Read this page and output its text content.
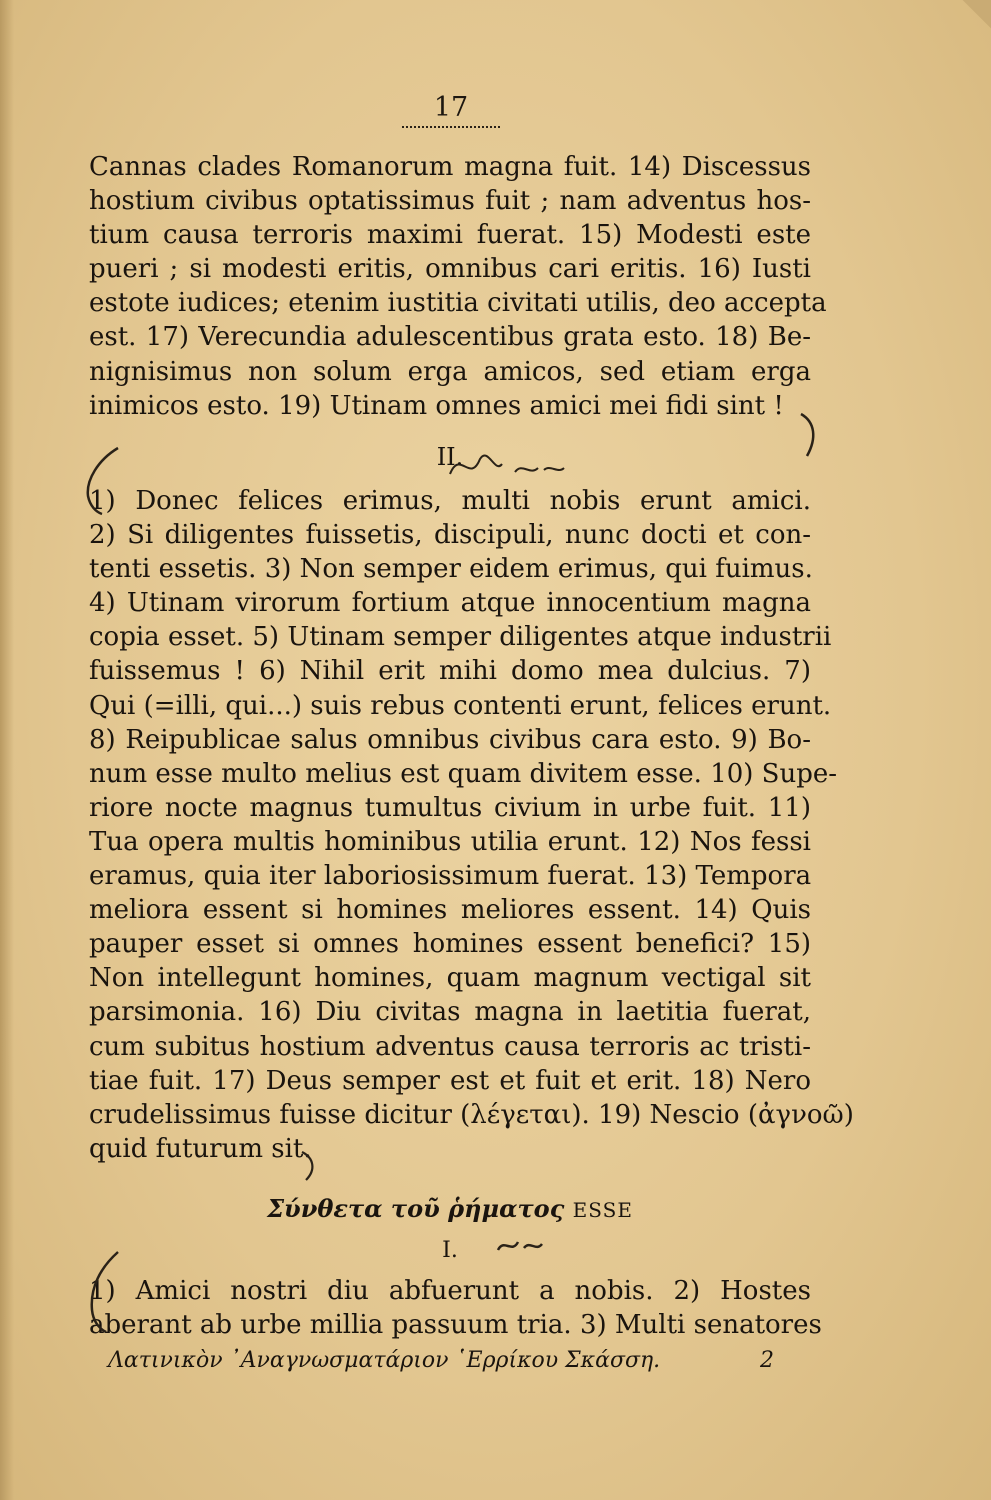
17
Cannas clades Romanorum magna fuit. 14) Discessus
hostium civibus optatissimus fuit ; nam adventus hos-
tium causa terroris maximi fuerat. 15) Modesti este
pueri ; si modesti eritis, omnibus cari eritis. 16) Iusti
estote iudices; etenim iustitia civitati utilis, deo accepta
est. 17) Verecundia adulescentibus grata esto. 18) Be-
nignisimus non solum erga amicos, sed etiam erga
inimicos esto. 19) Utinam omnes amici mei fidi sint !
II.
1) Donec felices erimus, multi nobis erunt amici.
2) Si diligentes fuissetis, discipuli, nunc docti et con-
tenti essetis. 3) Non semper eidem erimus, qui fuimus.
4) Utinam virorum fortium atque innocentium magna
copia esset. 5) Utinam semper diligentes atque industrii
fuissemus ! 6) Nihil erit mihi domo mea dulcius. 7)
Qui (=illi, qui...) suis rebus contenti erunt, felices erunt.
8) Reipublicae salus omnibus civibus cara esto. 9) Bo-
num esse multo melius est quam divitem esse. 10) Supe-
riore nocte magnus tumultus civium in urbe fuit. 11)
Tua opera multis hominibus utilia erunt. 12) Nos fessi
eramus, quia iter laboriosissimum fuerat. 13) Tempora
meliora essent si homines meliores essent. 14) Quis
pauper esset si omnes homines essent benefici? 15)
Non intellegunt homines, quam magnum vectigal sit
parsimonia. 16) Diu civitas magna in laetitia fuerat,
cum subitus hostium adventus causa terroris ac tristi-
tiae fuit. 17) Deus semper est et fuit et erit. 18) Nero
crudelissimus fuisse dicitur (λέγεται). 19) Nescio (ἀγνοῶ)
quid futurum sit.
Σύνθετα τοῦ ῥήματος ESSE
I.
1) Amici nostri diu abfuerunt a nobis. 2) Hostes
aberant ab urbe millia passuum tria. 3) Multi senatores
Λατινικὸν ᾿Αναγνωσματάριον ῾Ερρίκου Σκάσση.	2
